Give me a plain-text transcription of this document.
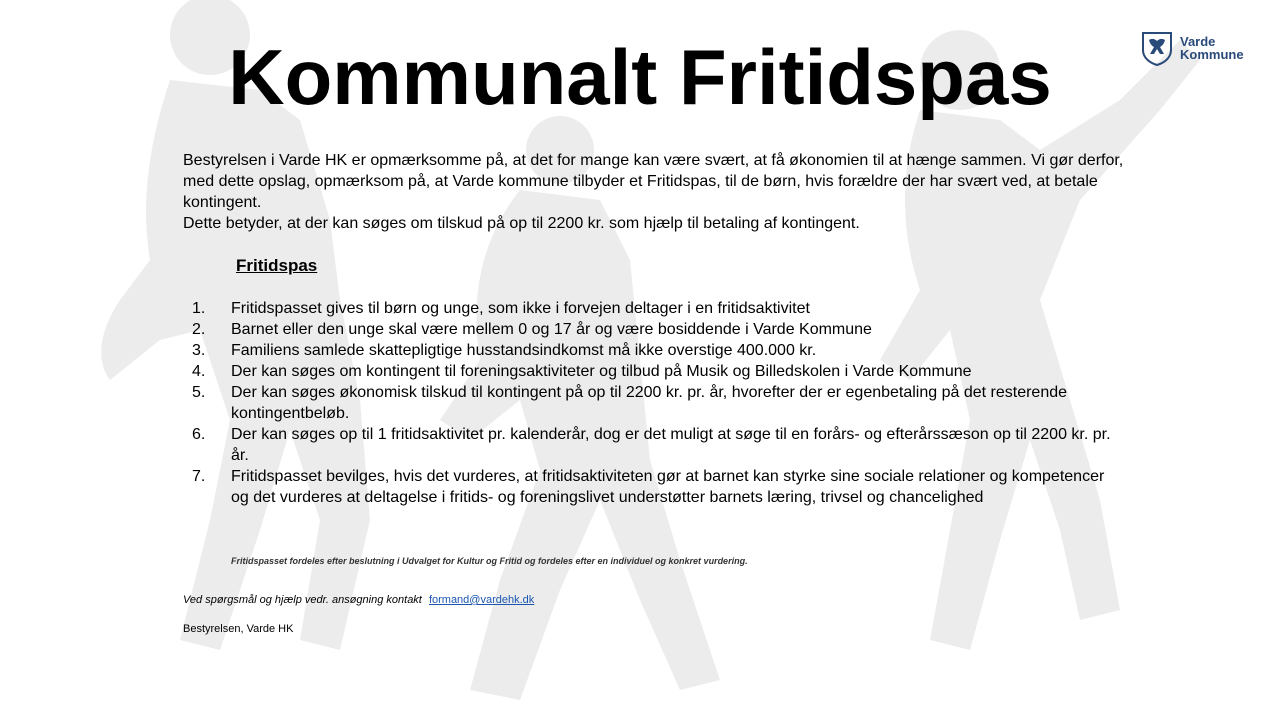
Kommunalt Fritidspas	Varde
Kommune

Bestyrelsen i Varde HK er opmærksomme på, at det for mange kan være svært, at få økonomien til at hænge sammen. Vi gør derfor, med dette opslag, opmærksom på, at Varde kommune tilbyder et Fritidspas, til de børn, hvis forældre der har svært ved, at betale kontingent.

Dette betyder, at der kan søges om tilskud på op til 2200 kr. som hjælp til betaling af kontingent.

Fritidspas
1. Fritidspasset gives til børn og unge, som ikke i forvejen deltager i en fritidsaktivitet
2. Barnet eller den unge skal være mellem 0 og 17 år og være bosiddende i Varde Kommune
3. Familiens samlede skattepligtige husstandsindkomst må ikke overstige 400.000 kr.
4. Der kan søges om kontingent til foreningsaktiviteter og tilbud på Musik og Billedskolen i Varde Kommune
5. Der kan søges økonomisk tilskud til kontingent på op til 2200 kr. pr. år, hvorefter der er egenbetaling på det resterende kontingentbeløb.
6. Der kan søges op til 1 fritidsaktivitet pr. kalenderår, dog er det muligt at søge til en forårs- og efterårssæson op til 2200 kr. pr. år.
7. Fritidspasset bevilges, hvis det vurderes, at fritidsaktiviteten gør at barnet kan styrke sine sociale relationer og kompetencer og det vurderes at deltagelse i fritids- og foreningslivet understøtter barnets læring, trivsel og chancelighed
Fritidspasset fordeles efter beslutning i Udvalget for Kultur og Fritid og fordeles efter en individuel og konkret vurdering.
Ved spørgsmål og hjælp vedr. ansøgning kontakt formand@vardehk.dk
Bestyrelsen, Varde HK
